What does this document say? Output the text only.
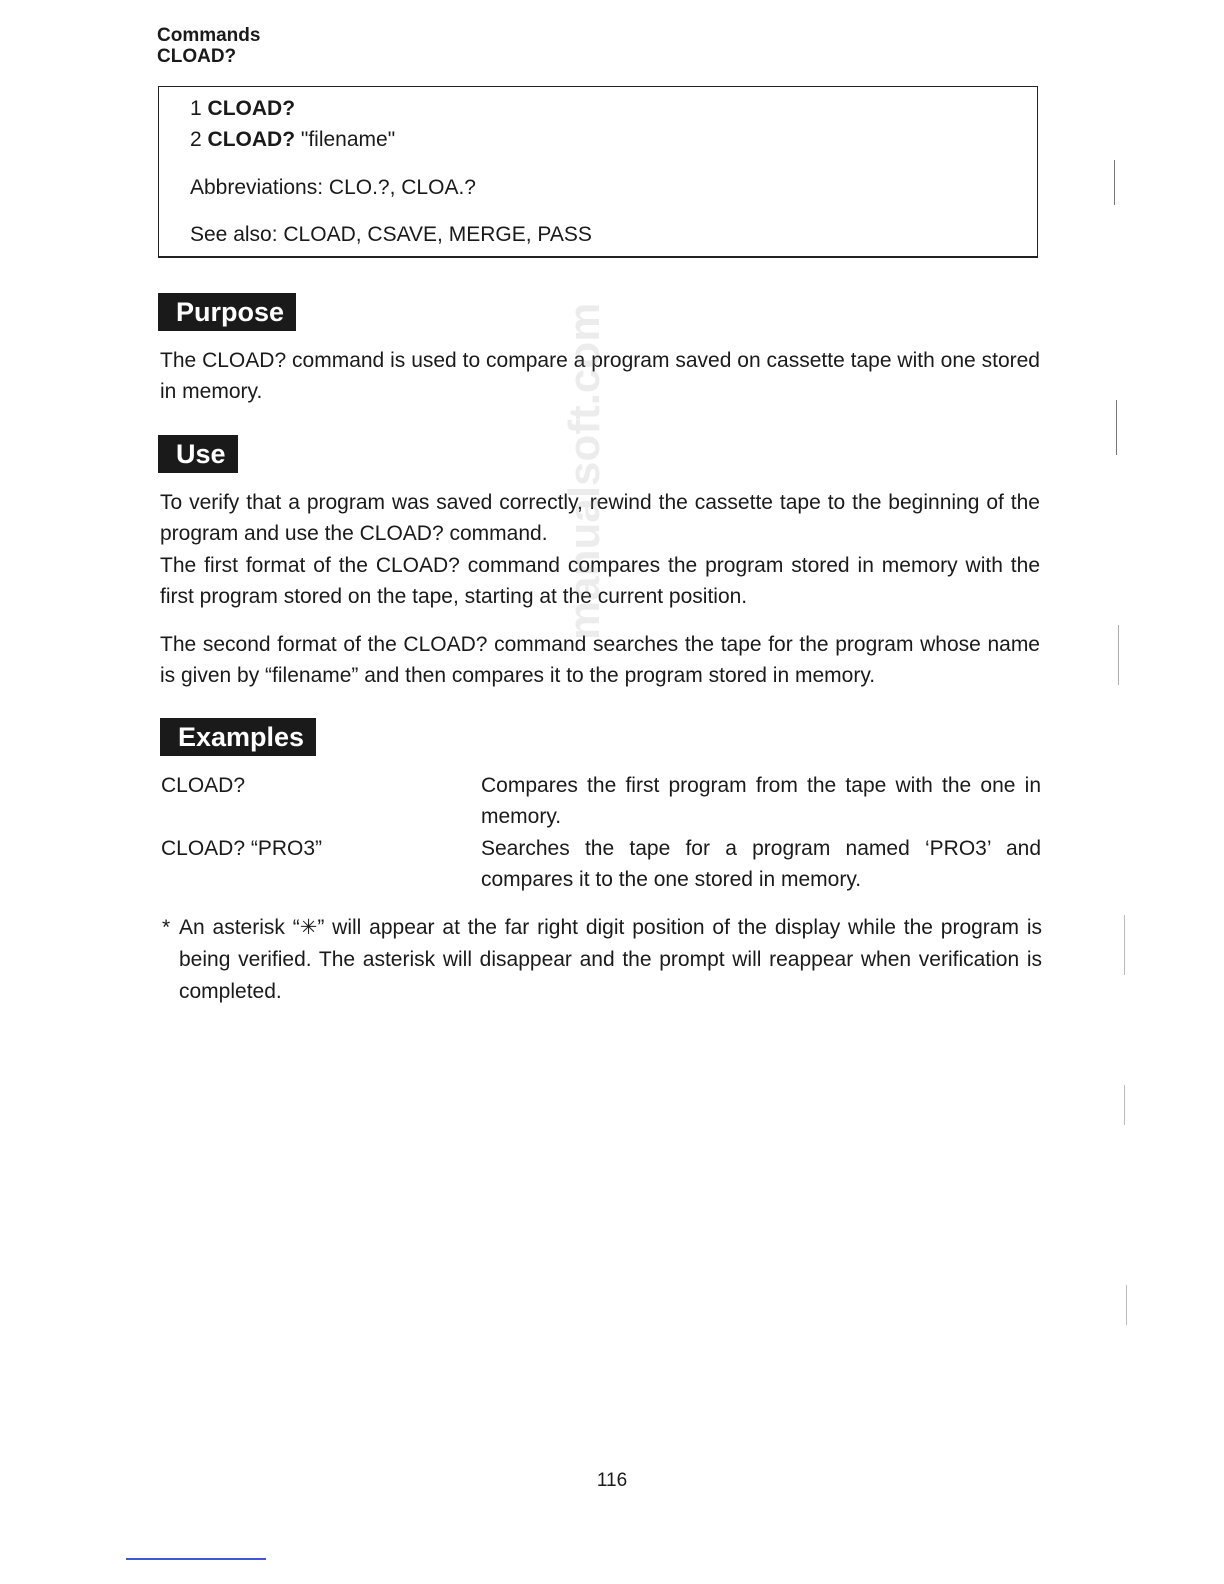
Commands
CLOAD?
1 CLOAD?
2 CLOAD? "filename"
Abbreviations: CLO.?, CLOA.?
See also: CLOAD, CSAVE, MERGE, PASS
Purpose

The CLOAD? command is used to compare a program saved on cassette tape with one stored in memory.

Use

To verify that a program was saved correctly, rewind the cassette tape to the beginning of the program and use the CLOAD? command.

The first format of the CLOAD? command compares the program stored in memory with the first program stored on the tape, starting at the current position.

The second format of the CLOAD? command searches the tape for the program whose name is given by “filename” and then compares it to the program stored in memory.

Examples
CLOAD?	Compares the first program from the tape with the one in memory.

CLOAD? “PRO3”	Searches the tape for a program named ‘PRO3’ and compares it to the one stored in memory.

* An asterisk “✳” will appear at the far right digit position of the display while the program is being verified. The asterisk will disappear and the prompt will reappear when verification is completed.

manualsoft.com
116
